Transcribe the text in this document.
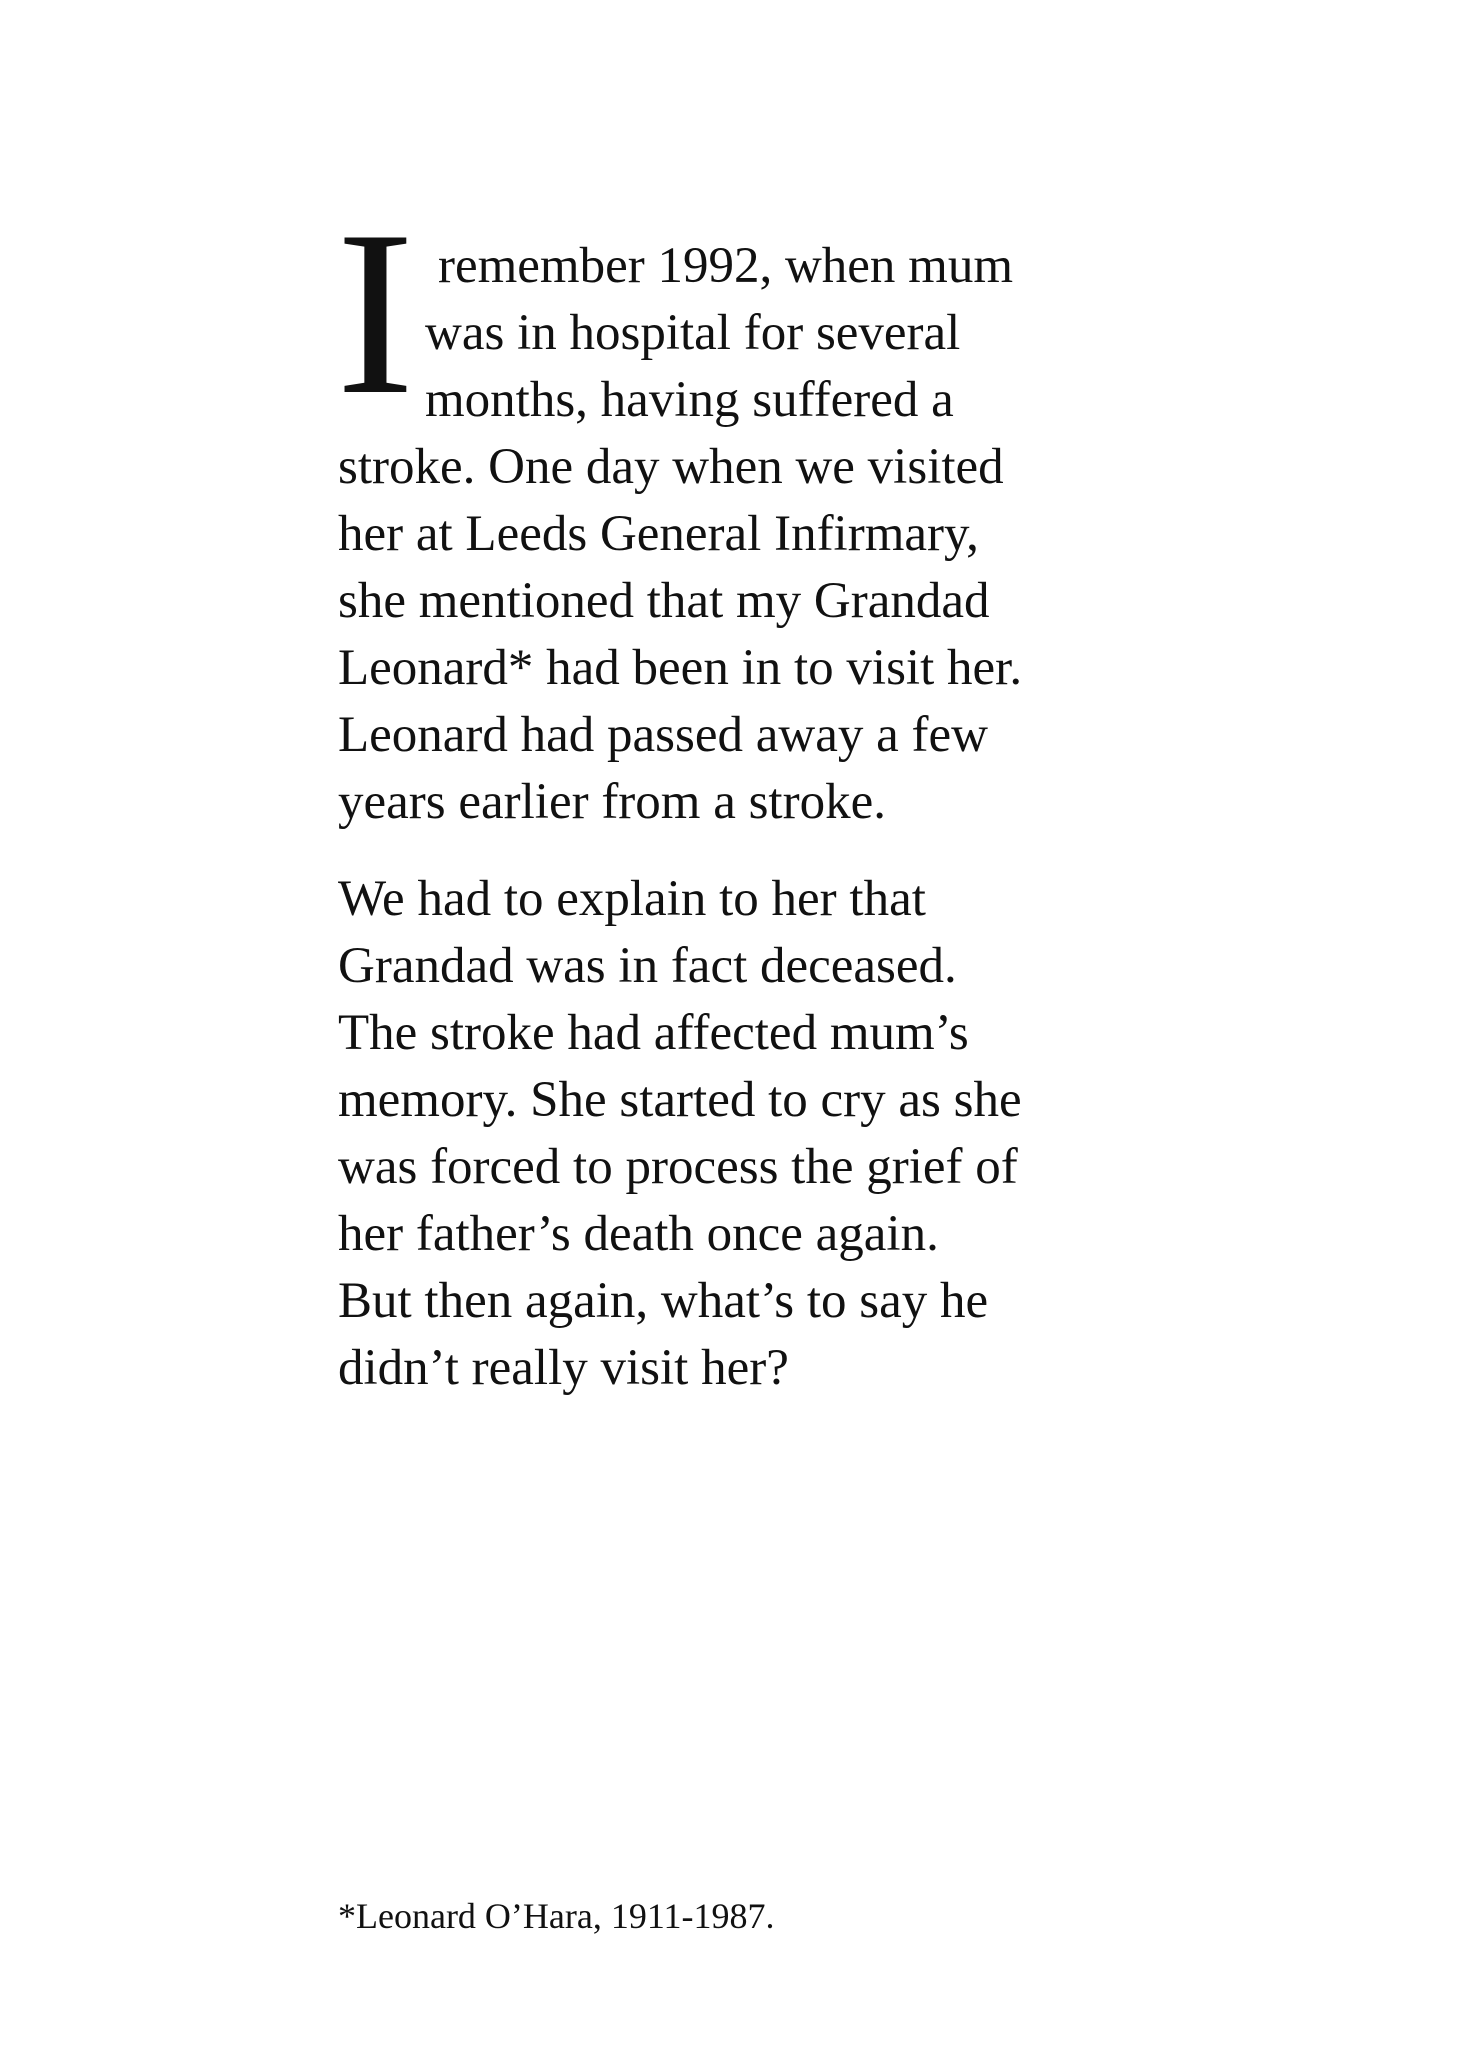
I remember 1992, when mum
was in hospital for several
months, having suffered a
stroke. One day when we visited
her at Leeds General Infirmary,
she mentioned that my Grandad
Leonard* had been in to visit her.
Leonard had passed away a few
years earlier from a stroke.
We had to explain to her that
Grandad was in fact deceased.
The stroke had affected mum’s
memory. She started to cry as she
was forced to process the grief of
her father’s death once again.
But then again, what’s to say he
didn’t really visit her?
*Leonard O’Hara, 1911-1987.
